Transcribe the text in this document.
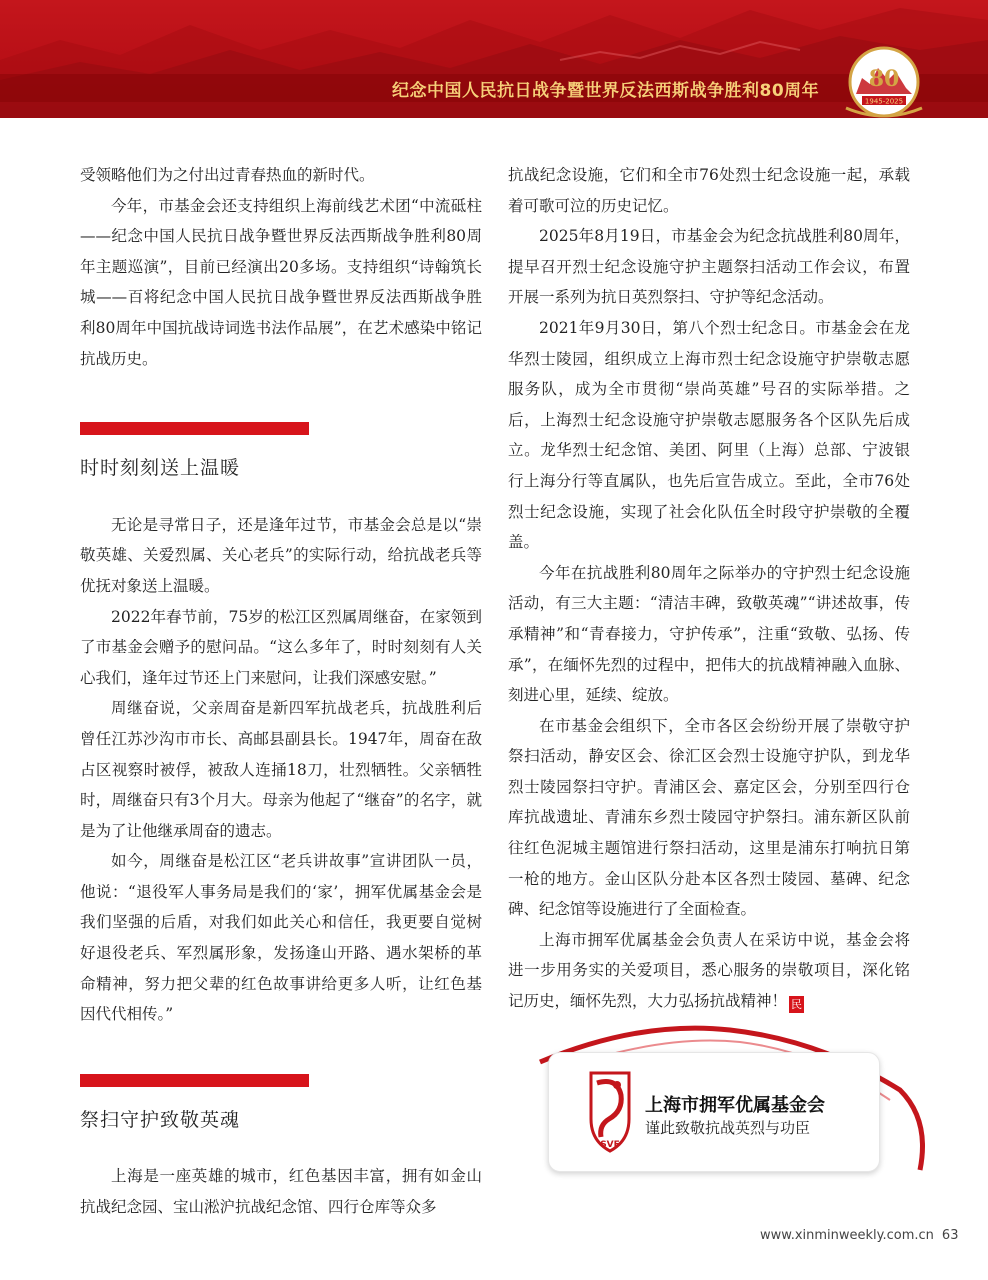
纪念中国人民抗日战争暨世界反法西斯战争胜利80周年	80
1945-2025

受领略他们为之付出过青春热血的新时代。

今年，市基金会还支持组织上海前线艺术团“中流砥柱——纪念中国人民抗日战争暨世界反法西斯战争胜利80周年主题巡演”，目前已经演出20多场。支持组织“诗翰筑长城——百将纪念中国人民抗日战争暨世界反法西斯战争胜利80周年中国抗战诗词选书法作品展”，在艺术感染中铭记抗战历史。

时时刻刻送上温暖

无论是寻常日子，还是逢年过节，市基金会总是以“崇敬英雄、关爱烈属、关心老兵”的实际行动，给抗战老兵等优抚对象送上温暖。

2022年春节前，75岁的松江区烈属周继奋，在家领到了市基金会赠予的慰问品。“这么多年了，时时刻刻有人关心我们，逢年过节还上门来慰问，让我们深感安慰。”

周继奋说，父亲周奋是新四军抗战老兵，抗战胜利后曾任江苏沙沟市市长、高邮县副县长。1947年，周奋在敌占区视察时被俘，被敌人连捅18刀，壮烈牺牲。父亲牺牲时，周继奋只有3个月大。母亲为他起了“继奋”的名字，就是为了让他继承周奋的遗志。

如今，周继奋是松江区“老兵讲故事”宣讲团队一员，他说：“退役军人事务局是我们的‘家’，拥军优属基金会是我们坚强的后盾，对我们如此关心和信任，我更要自觉树好退役老兵、军烈属形象，发扬逢山开路、遇水架桥的革命精神，努力把父辈的红色故事讲给更多人听，让红色基因代代相传。”

祭扫守护致敬英魂

上海是一座英雄的城市，红色基因丰富，拥有如金山抗战纪念园、宝山淞沪抗战纪念馆、四行仓库等众多

抗战纪念设施，它们和全市76处烈士纪念设施一起，承载着可歌可泣的历史记忆。

2025年8月19日，市基金会为纪念抗战胜利80周年，提早召开烈士纪念设施守护主题祭扫活动工作会议，布置开展一系列为抗日英烈祭扫、守护等纪念活动。

2021年9月30日，第八个烈士纪念日。市基金会在龙华烈士陵园，组织成立上海市烈士纪念设施守护崇敬志愿服务队，成为全市贯彻“崇尚英雄”号召的实际举措。之后，上海烈士纪念设施守护崇敬志愿服务各个区队先后成立。龙华烈士纪念馆、美团、阿里（上海）总部、宁波银行上海分行等直属队，也先后宣告成立。至此，全市76处烈士纪念设施，实现了社会化队伍全时段守护崇敬的全覆盖。

今年在抗战胜利80周年之际举办的守护烈士纪念设施活动，有三大主题：“清洁丰碑，致敬英魂”“讲述故事，传承精神”和“青春接力，守护传承”，注重“致敬、弘扬、传承”，在缅怀先烈的过程中，把伟大的抗战精神融入血脉、刻进心里，延续、绽放。

在市基金会组织下，全市各区会纷纷开展了崇敬守护祭扫活动，静安区会、徐汇区会烈士设施守护队，到龙华烈士陵园祭扫守护。青浦区会、嘉定区会，分别至四行仓库抗战遗址、青浦东乡烈士陵园守护祭扫。浦东新区队前往红色泥城主题馆进行祭扫活动，这里是浦东打响抗日第一枪的地方。金山区队分赴本区各烈士陵园、墓碑、纪念碑、纪念馆等设施进行了全面检查。

上海市拥军优属基金会负责人在采访中说，基金会将进一步用务实的关爱项目，悉心服务的崇敬项目，深化铭记历史，缅怀先烈，大力弘扬抗战精神！ 民

SVF
上海市拥军优属基金会
谨此致敬抗战英烈与功臣
www.xinminweekly.com.cn 63
